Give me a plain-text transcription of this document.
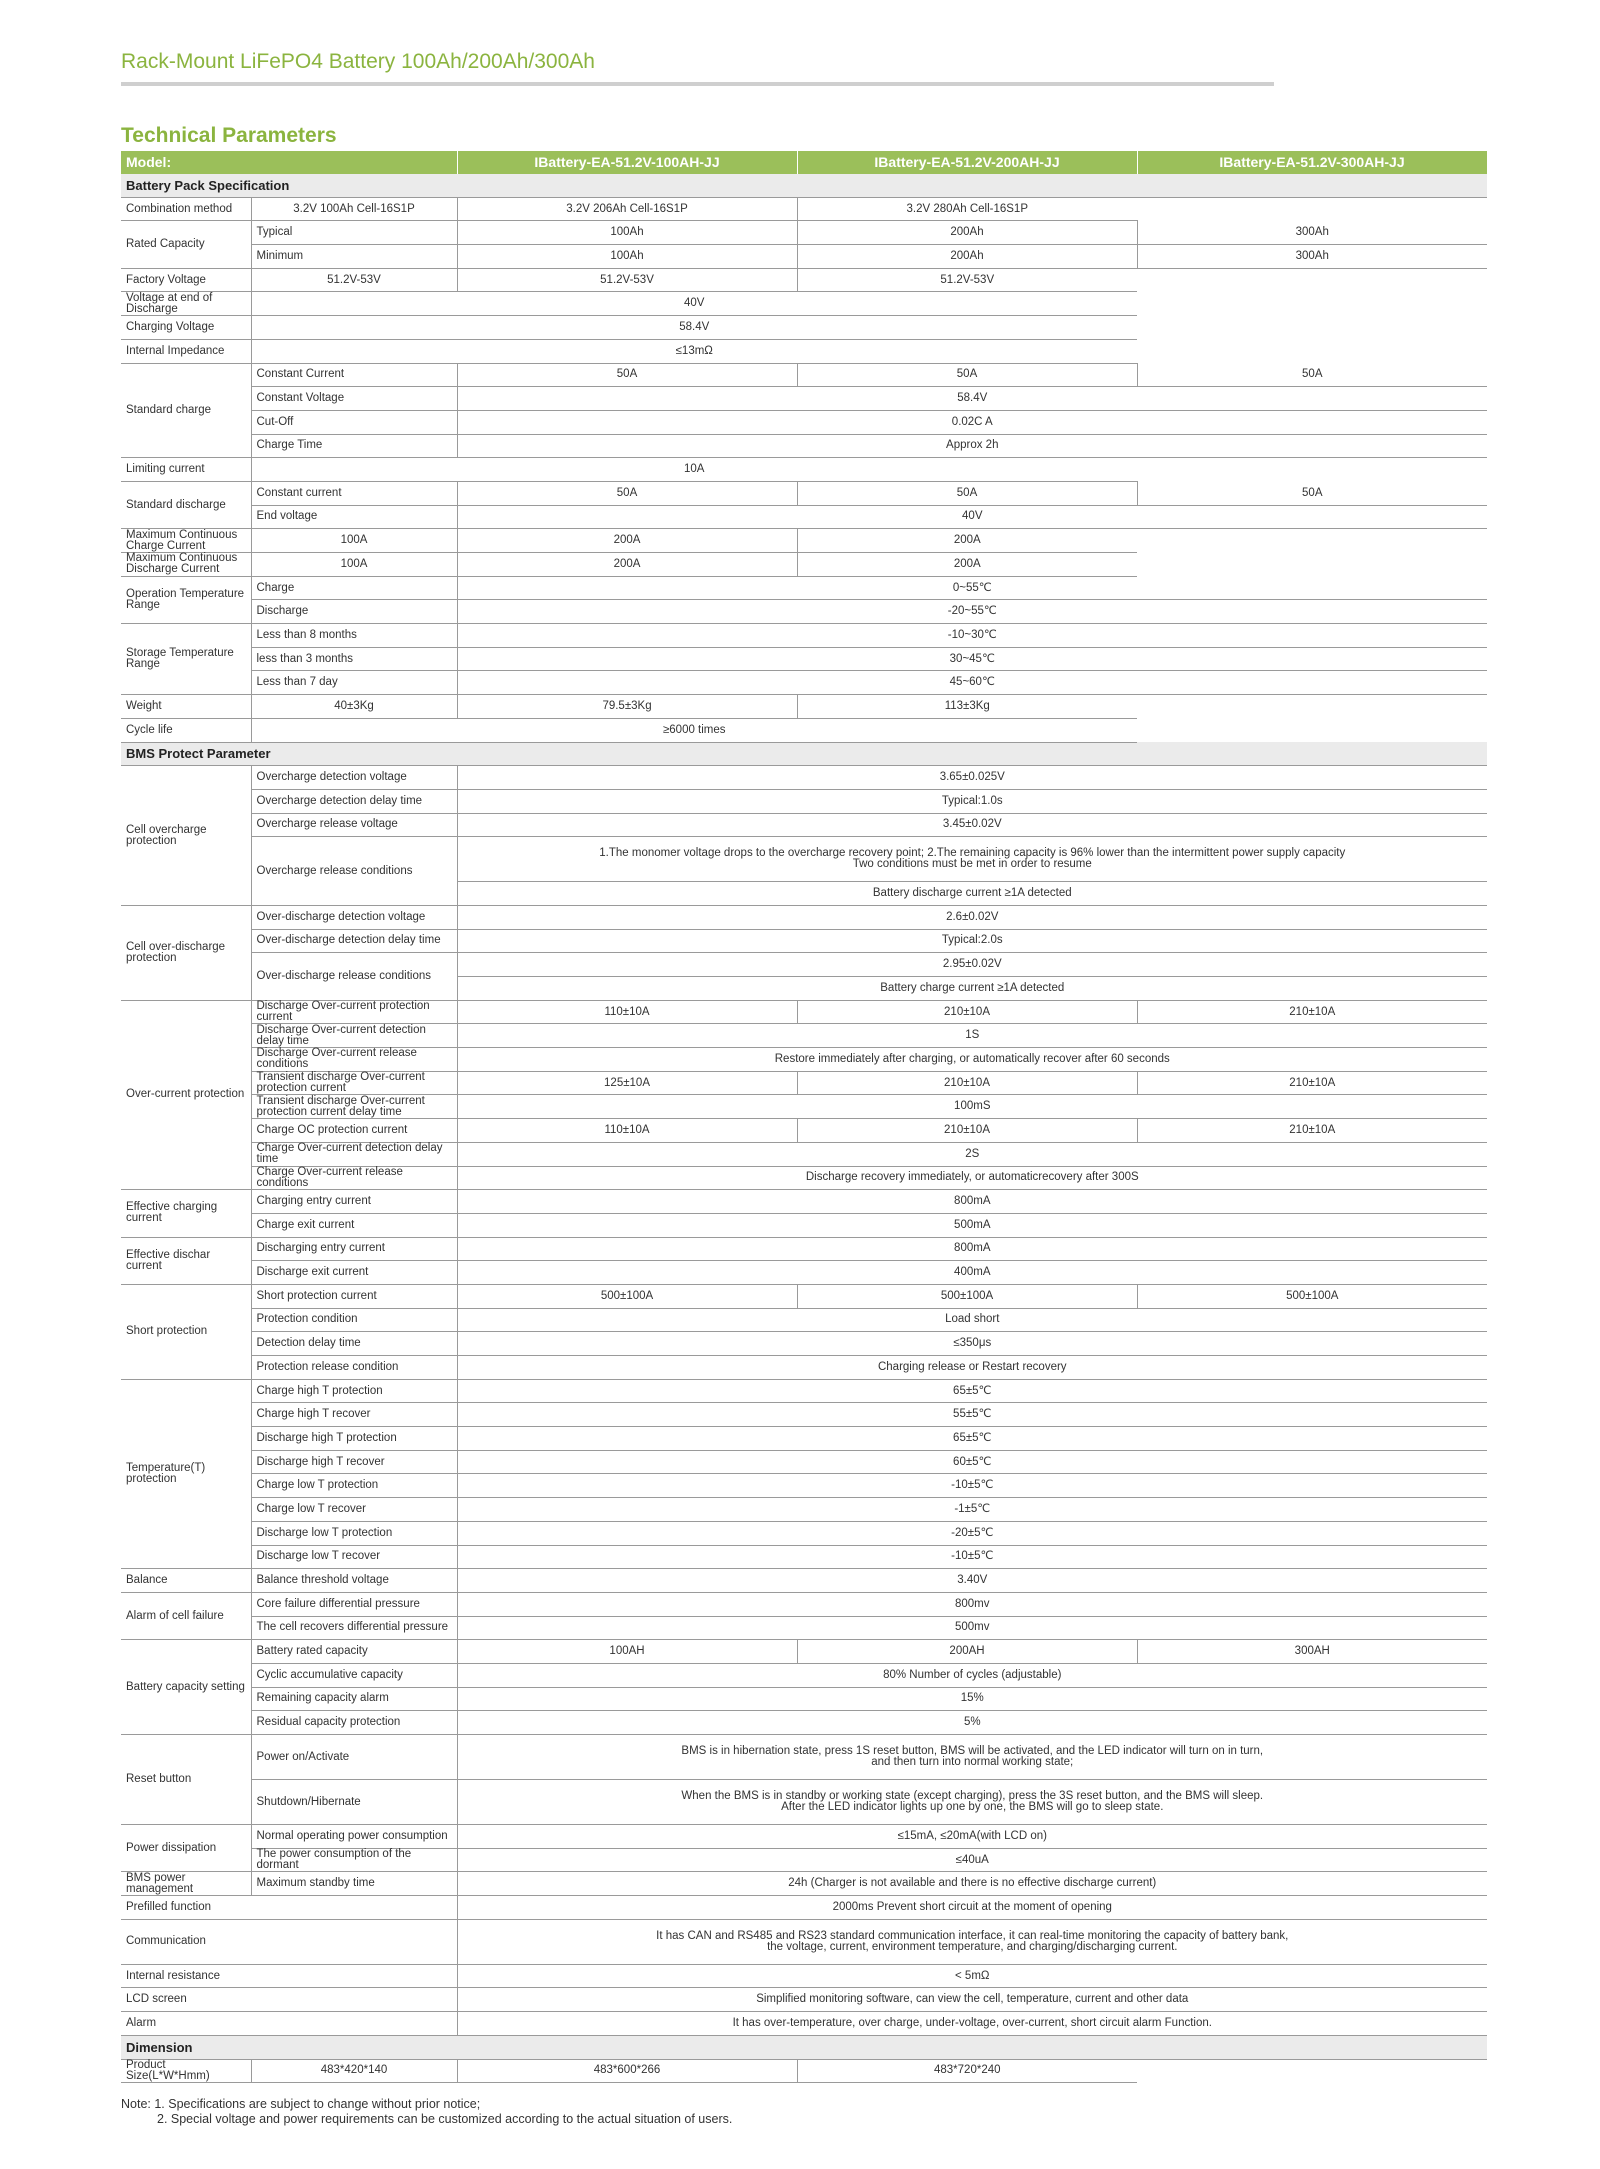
Rack-Mount LiFePO4 Battery 100Ah/200Ah/300Ah
Technical Parameters
Model:		IBattery-EA-51.2V-100AH-JJ	IBattery-EA-51.2V-200AH-JJ	IBattery-EA-51.2V-300AH-JJ
Battery Pack Specification				
Combination method	3.2V 100Ah Cell-16S1P	3.2V 206Ah Cell-16S1P	3.2V 280Ah Cell-16S1P	
Rated Capacity	Typical	100Ah	200Ah	300Ah
	Minimum	100Ah	200Ah	300Ah
Factory Voltage	51.2V-53V	51.2V-53V	51.2V-53V	
Voltage at end of Discharge	40V			
Charging Voltage	58.4V			
Internal Impedance	≤13mΩ			
Standard charge	Constant Current	50A	50A	50A
	Constant Voltage	58.4V		
	Cut-Off	0.02C A		
	Charge Time	Approx 2h		
Limiting current	10A			
Standard discharge	Constant current	50A	50A	50A
	End voltage	40V		
Maximum Continuous Charge Current	100A	200A	200A	
Maximum Continuous Discharge Current	100A	200A	200A	
Operation Temperature Range	Charge	0~55℃		
	Discharge	-20~55℃		
Storage Temperature Range	Less than 8 months	-10~30℃		
	less than 3 months	30~45℃		
	Less than 7 day	45~60℃		
Weight	40±3Kg	79.5±3Kg	113±3Kg	
Cycle life	≥6000 times			
BMS Protect Parameter				
Cell overcharge protection	Overcharge detection voltage	3.65±0.025V		
	Overcharge detection delay time	Typical:1.0s		
	Overcharge release voltage	3.45±0.02V		
	Overcharge release conditions	1.The monomer voltage drops to the overcharge recovery point; 2.The remaining capacity is 96% lower than the intermittent power supply capacity
Two conditions must be met in order to resume		
		Battery discharge current ≥1A detected		
Cell over-discharge protection	Over-discharge detection voltage	2.6±0.02V		
	Over-discharge detection delay time	Typical:2.0s		
	Over-discharge release conditions	2.95±0.02V		
		Battery charge current ≥1A detected		
Over-current protection	Discharge Over-current protection current	110±10A	210±10A	210±10A
	Discharge Over-current detection delay time	1S		
	Discharge Over-current release conditions	Restore immediately after charging, or automatically recover after 60 seconds		
	Transient discharge Over-current protection current	125±10A	210±10A	210±10A
	Transient discharge Over-current protection current delay time	100mS		
	Charge OC protection current	110±10A	210±10A	210±10A
	Charge Over-current detection delay time	2S		
	Charge Over-current release conditions	Discharge recovery immediately, or automaticrecovery after 300S		
Effective charging current	Charging entry current	800mA		
	Charge exit current	500mA		
Effective dischar current	Discharging entry current	800mA		
	Discharge exit current	400mA		
Short protection	Short protection current	500±100A	500±100A	500±100A
	Protection condition	Load short		
	Detection delay time	≤350μs		
	Protection release condition	Charging release or Restart recovery		
Temperature(T) protection	Charge high T protection	65±5℃		
	Charge high T recover	55±5℃		
	Discharge high T protection	65±5℃		
	Discharge high T recover	60±5℃		
	Charge low T protection	-10±5℃		
	Charge low T recover	-1±5℃		
	Discharge low T protection	-20±5℃		
	Discharge low T recover	-10±5℃		
Balance	Balance threshold voltage	3.40V		
Alarm of cell failure	Core failure differential pressure	800mv		
	The cell recovers differential pressure	500mv		
Battery capacity setting	Battery rated capacity	100AH	200AH	300AH
	Cyclic accumulative capacity	80% Number of cycles (adjustable)		
	Remaining capacity alarm	15%		
	Residual capacity protection	5%		
Reset button	Power on/Activate	BMS is in hibernation state, press 1S reset button, BMS will be activated, and the LED indicator will turn on in turn,
and then turn into normal working state;		
	Shutdown/Hibernate	When the BMS is in standby or working state (except charging), press the 3S reset button, and the BMS will sleep.
After the LED indicator lights up one by one, the BMS will go to sleep state.		
Power dissipation	Normal operating power consumption	≤15mA, ≤20mA(with LCD on)		
	The power consumption of the dormant	≤40uA		
BMS power management	Maximum standby time	24h (Charger is not available and there is no effective discharge current)		
Prefilled function		2000ms Prevent short circuit at the moment of opening		
Communication		It has CAN and RS485 and RS23 standard communication interface, it can real-time monitoring the capacity of battery bank,
the voltage, current, environment temperature, and charging/discharging current.		
Internal resistance		< 5mΩ		
LCD screen		Simplified monitoring software, can view the cell, temperature, current and other data		
Alarm		It has over-temperature, over charge, under-voltage, over-current, short circuit alarm Function.		
Dimension				
Product Size(L*W*Hmm)	483*420*140	483*600*266	483*720*240	
Note: 1. Specifications are subject to change without prior notice;
2. Special voltage and power requirements can be customized according to the actual situation of users.
